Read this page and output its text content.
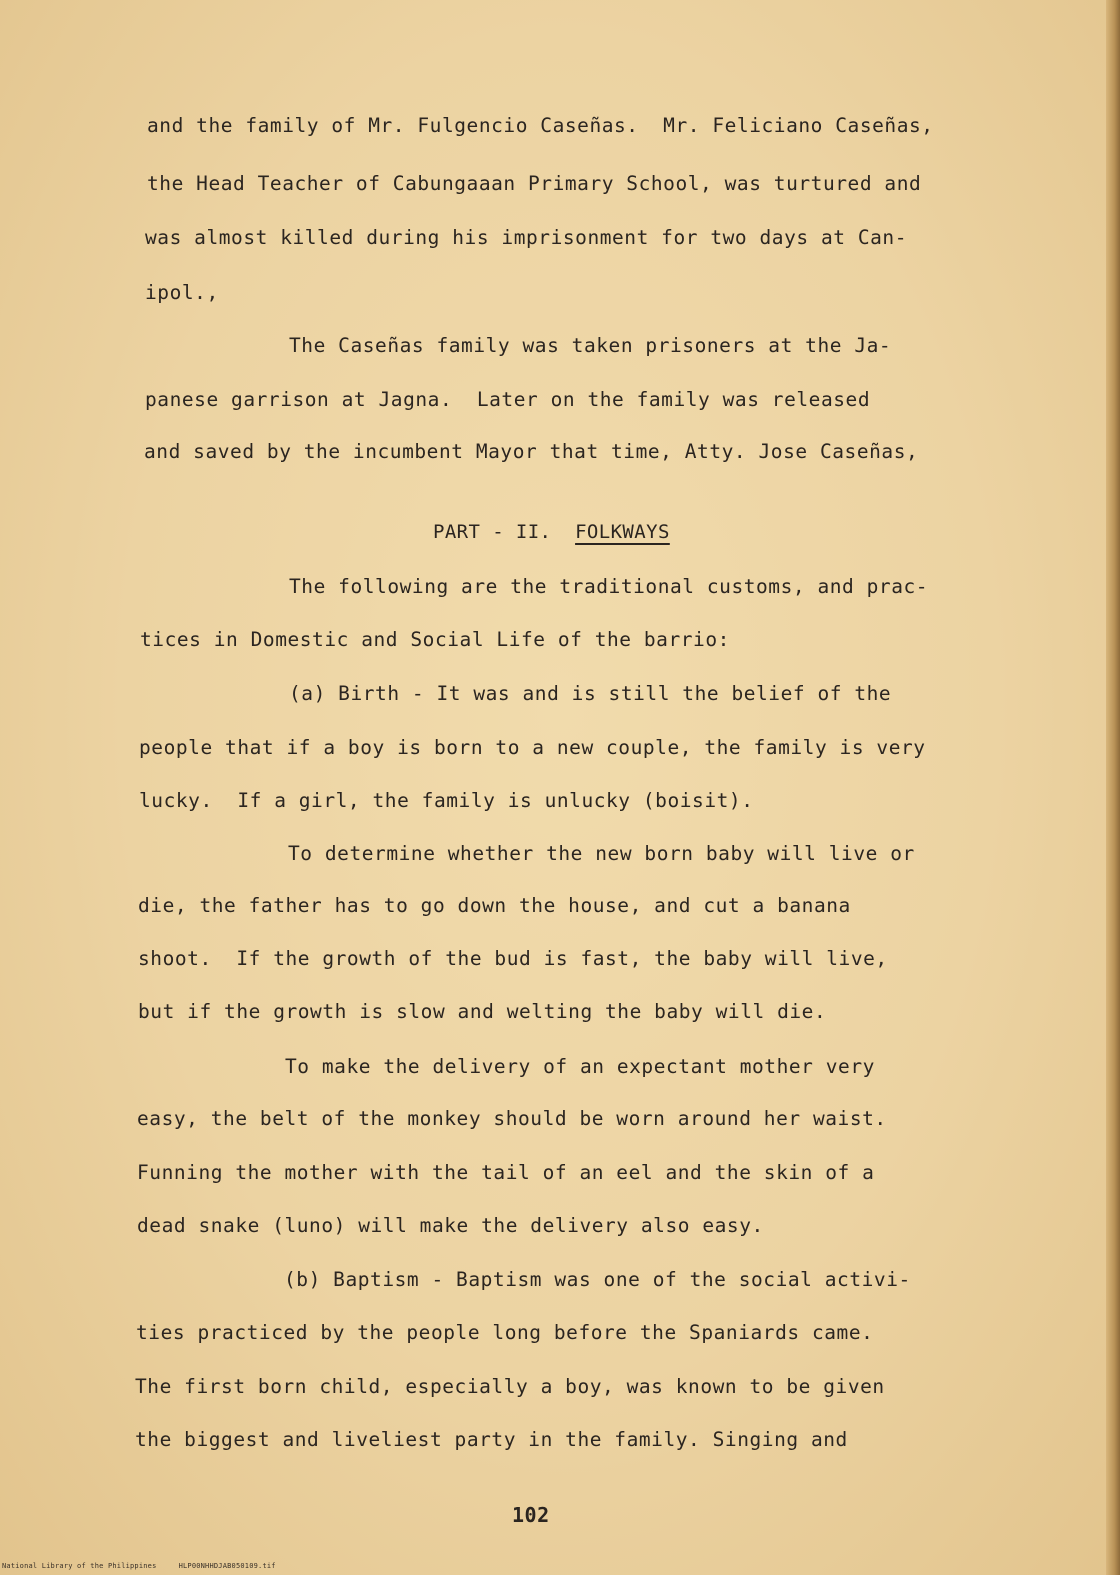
and the family of Mr. Fulgencio Caseñas.  Mr. Feliciano Caseñas,
the Head Teacher of Cabungaaan Primary School, was turtured and
was almost killed during his imprisonment for two days at Can-
ipol.,
The Caseñas family was taken prisoners at the Ja-
panese garrison at Jagna.  Later on the family was released
and saved by the incumbent Mayor that time, Atty. Jose Caseñas,
PART - II. FOLKWAYS
The following are the traditional customs, and prac-
tices in Domestic and Social Life of the barrio:
(a) Birth - It was and is still the belief of the
people that if a boy is born to a new couple, the family is very
lucky.  If a girl, the family is unlucky (boisit).
To determine whether the new born baby will live or
die, the father has to go down the house, and cut a banana
shoot.  If the growth of the bud is fast, the baby will live,
but if the growth is slow and welting the baby will die.
To make the delivery of an expectant mother very
easy, the belt of the monkey should be worn around her waist.
Funning the mother with the tail of an eel and the skin of a
dead snake (luno) will make the delivery also easy.
(b) Baptism - Baptism was one of the social activi-
ties practiced by the people long before the Spaniards came.
The first born child, especially a boy, was known to be given
the biggest and liveliest party in the family. Singing and
102
National Library of the Philippines     HLP00NHHDJAB050109.tif
